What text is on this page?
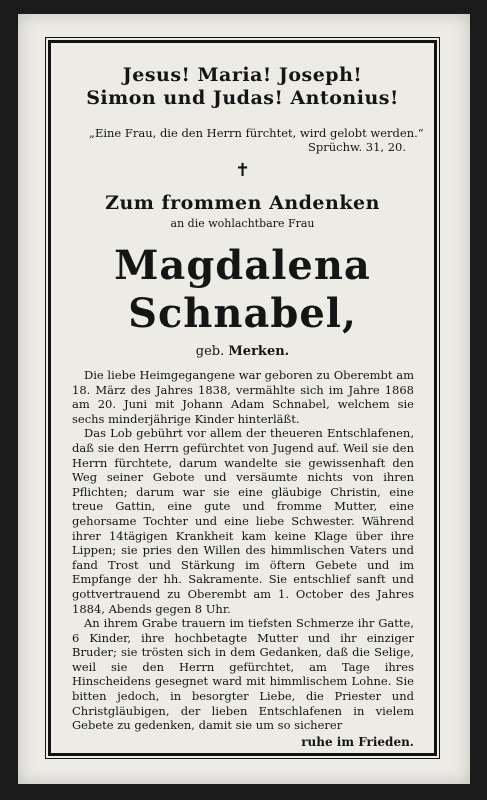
Jesus! Maria! Joseph!
Simon und Judas! Antonius!
„Eine Frau, die den Herrn fürchtet, wird gelobt werden.“
Sprüchw. 31, 20.
✝
Zum frommen Andenken
an die wohlachtbare Frau
Magdalena Schnabel,
geb. Merken.

Die liebe Heimgegangene war geboren zu Oberembt am 18. März des Jahres 1838, vermählte sich im Jahre 1868 am 20. Juni mit Johann Adam Schnabel, welchem sie sechs minderjährige Kinder hinterläßt.

Das Lob gebührt vor allem der theueren Entschlafenen, daß sie den Herrn gefürchtet von Jugend auf. Weil sie den Herrn fürchtete, darum wandelte sie gewissenhaft den Weg seiner Gebote und versäumte nichts von ihren Pflichten; darum war sie eine gläubige Christin, eine treue Gattin, eine gute und fromme Mutter, eine gehorsame Tochter und eine liebe Schwester. Während ihrer 14tägigen Krankheit kam keine Klage über ihre Lippen; sie pries den Willen des himmlischen Vaters und fand Trost und Stärkung im öftern Gebete und im Empfange der hh. Sakramente. Sie entschlief sanft und gottvertrauend zu Oberembt am 1. October des Jahres 1884, Abends gegen 8 Uhr.

An ihrem Grabe trauern im tiefsten Schmerze ihr Gatte, 6 Kinder, ihre hochbetagte Mutter und ihr einziger Bruder; sie trösten sich in dem Gedanken, daß die Selige, weil sie den Herrn gefürchtet, am Tage ihres Hinscheidens gesegnet ward mit himmlischem Lohne. Sie bitten jedoch, in besorgter Liebe, die Priester und Christgläubigen, der lieben Entschlafenen in vielem Gebete zu gedenken, damit sie um so sicherer

ruhe im Frieden.
